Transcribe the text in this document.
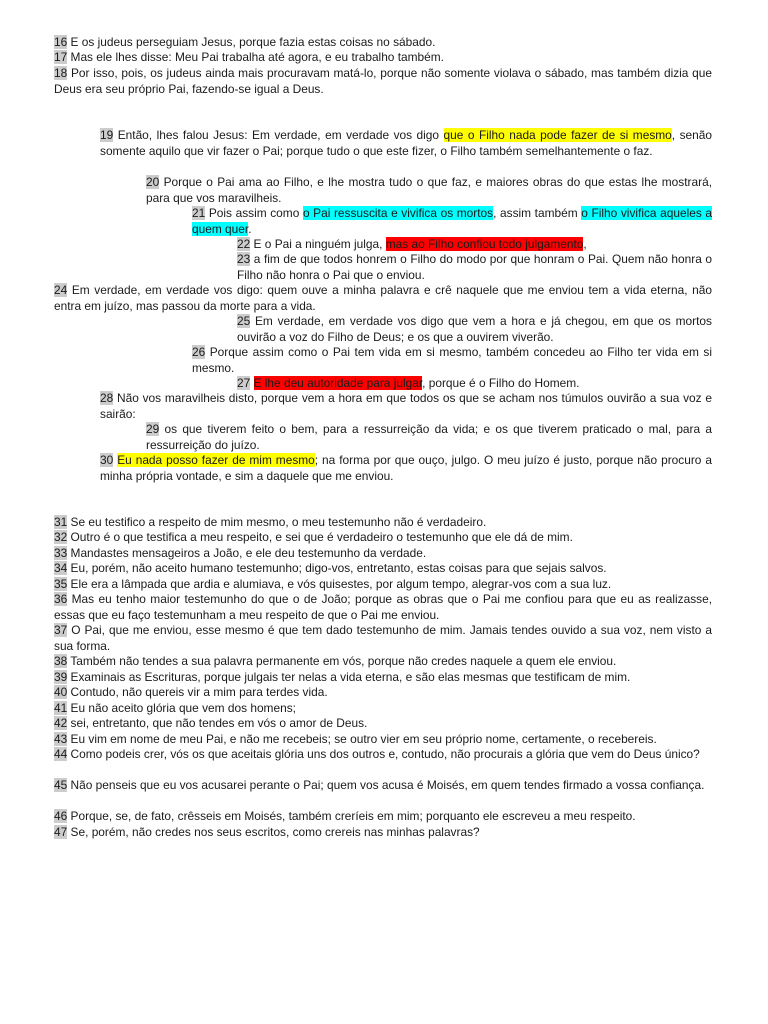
16 E os judeus perseguiam Jesus, porque fazia estas coisas no sábado.

17 Mas ele lhes disse: Meu Pai trabalha até agora, e eu trabalho também.

18 Por isso, pois, os judeus ainda mais procuravam matá-lo, porque não somente violava o sábado, mas também dizia que Deus era seu próprio Pai, fazendo-se igual a Deus.

19 Então, lhes falou Jesus: Em verdade, em verdade vos digo que o Filho nada pode fazer de si mesmo, senão somente aquilo que vir fazer o Pai; porque tudo o que este fizer, o Filho também semelhantemente o faz.

20 Porque o Pai ama ao Filho, e lhe mostra tudo o que faz, e maiores obras do que estas lhe mostrará, para que vos maravilheis.

21 Pois assim como o Pai ressuscita e vivifica os mortos, assim também o Filho vivifica aqueles a quem quer.

22 E o Pai a ninguém julga, mas ao Filho confiou todo julgamento,

23 a fim de que todos honrem o Filho do modo por que honram o Pai. Quem não honra o Filho não honra o Pai que o enviou.

24 Em verdade, em verdade vos digo: quem ouve a minha palavra e crê naquele que me enviou tem a vida eterna, não entra em juízo, mas passou da morte para a vida.

25 Em verdade, em verdade vos digo que vem a hora e já chegou, em que os mortos ouvirão a voz do Filho de Deus; e os que a ouvirem viverão.

26 Porque assim como o Pai tem vida em si mesmo, também concedeu ao Filho ter vida em si mesmo.

27 E lhe deu autoridade para julgar, porque é o Filho do Homem.

28 Não vos maravilheis disto, porque vem a hora em que todos os que se acham nos túmulos ouvirão a sua voz e sairão:

29 os que tiverem feito o bem, para a ressurreição da vida; e os que tiverem praticado o mal, para a ressurreição do juízo.

30 Eu nada posso fazer de mim mesmo; na forma por que ouço, julgo. O meu juízo é justo, porque não procuro a minha própria vontade, e sim a daquele que me enviou.

31 Se eu testifico a respeito de mim mesmo, o meu testemunho não é verdadeiro.

32 Outro é o que testifica a meu respeito, e sei que é verdadeiro o testemunho que ele dá de mim.

33 Mandastes mensageiros a João, e ele deu testemunho da verdade.

34 Eu, porém, não aceito humano testemunho; digo-vos, entretanto, estas coisas para que sejais salvos.

35 Ele era a lâmpada que ardia e alumiava, e vós quisestes, por algum tempo, alegrar-vos com a sua luz.

36 Mas eu tenho maior testemunho do que o de João; porque as obras que o Pai me confiou para que eu as realizasse, essas que eu faço testemunham a meu respeito de que o Pai me enviou.

37 O Pai, que me enviou, esse mesmo é que tem dado testemunho de mim. Jamais tendes ouvido a sua voz, nem visto a sua forma.

38 Também não tendes a sua palavra permanente em vós, porque não credes naquele a quem ele enviou.

39 Examinais as Escrituras, porque julgais ter nelas a vida eterna, e são elas mesmas que testificam de mim.

40 Contudo, não quereis vir a mim para terdes vida.

41 Eu não aceito glória que vem dos homens;

42 sei, entretanto, que não tendes em vós o amor de Deus.

43 Eu vim em nome de meu Pai, e não me recebeis; se outro vier em seu próprio nome, certamente, o recebereis.

44 Como podeis crer, vós os que aceitais glória uns dos outros e, contudo, não procurais a glória que vem do Deus único?

45 Não penseis que eu vos acusarei perante o Pai; quem vos acusa é Moisés, em quem tendes firmado a vossa confiança.

46 Porque, se, de fato, crêsseis em Moisés, também creríeis em mim; porquanto ele escreveu a meu respeito.

47 Se, porém, não credes nos seus escritos, como crereis nas minhas palavras?
